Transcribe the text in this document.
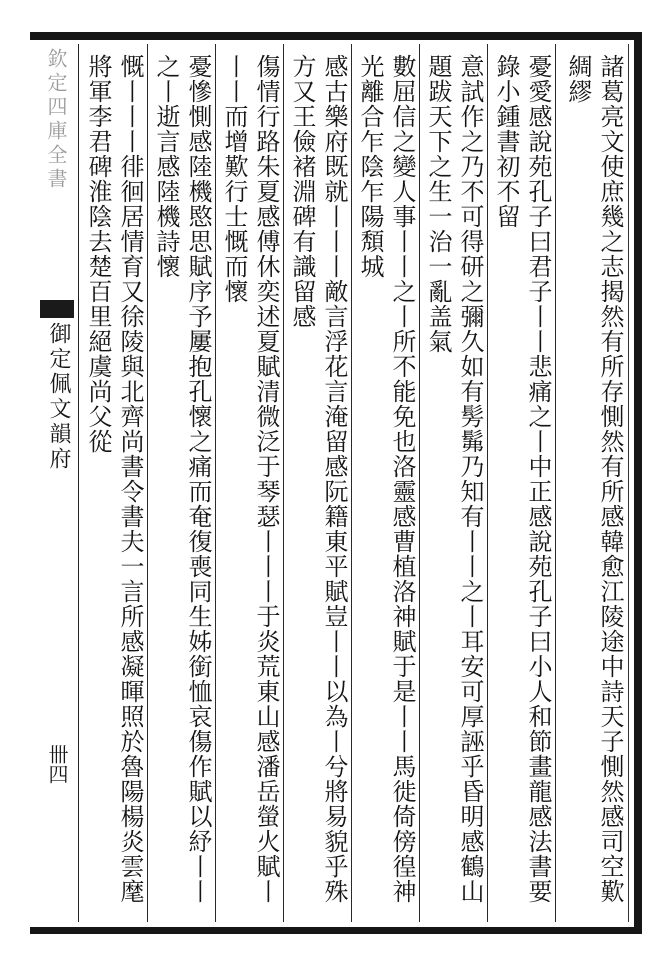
欽定四庫全書
御定佩文韻府
卌四	諸葛亮文使庶幾之志揭然有所存惻然有所感韓愈江陵途中詩天子惻然感司空歎綢繆
憂愛感說苑孔子曰君子丨丨悲痛之丨中正感說苑孔子曰小人和節畫龍感法書要錄小鍾書初不留
意試作之乃不可得研之彌久如有髣髴乃知有丨丨之丨耳安可厚誣乎昏明感鶴山題跋天下之生一治一亂盖氣
數屈信之變人事丨丨之丨所不能免也洛靈感曹植洛神賦于是丨丨馬徙倚傍徨神光離合乍陰乍陽頽城
感古樂府既就丨丨丨敵言浮花言淹留感阮籍東平賦豈丨丨以為丨兮將易貌乎殊方又王儉褚淵碑有識留感
傷情行路朱夏感傅休奕述夏賦清微泛于琴瑟丨丨丨于炎荒東山感潘岳螢火賦丨丨丨而增歎行士慨而懷
憂慘惻感陸機愍思賦序予屢抱孔懷之痛而奄復喪同生姊銜恤哀傷作賦以紓丨丨之丨逝言感陸機詩懷
慨丨丨丨徘徊居情育又徐陵與北齊尚書令書夫一言所感凝暉照於魯陽楊炎雲麾將軍李君碑淮陰去楚百里絕虞尚父從
